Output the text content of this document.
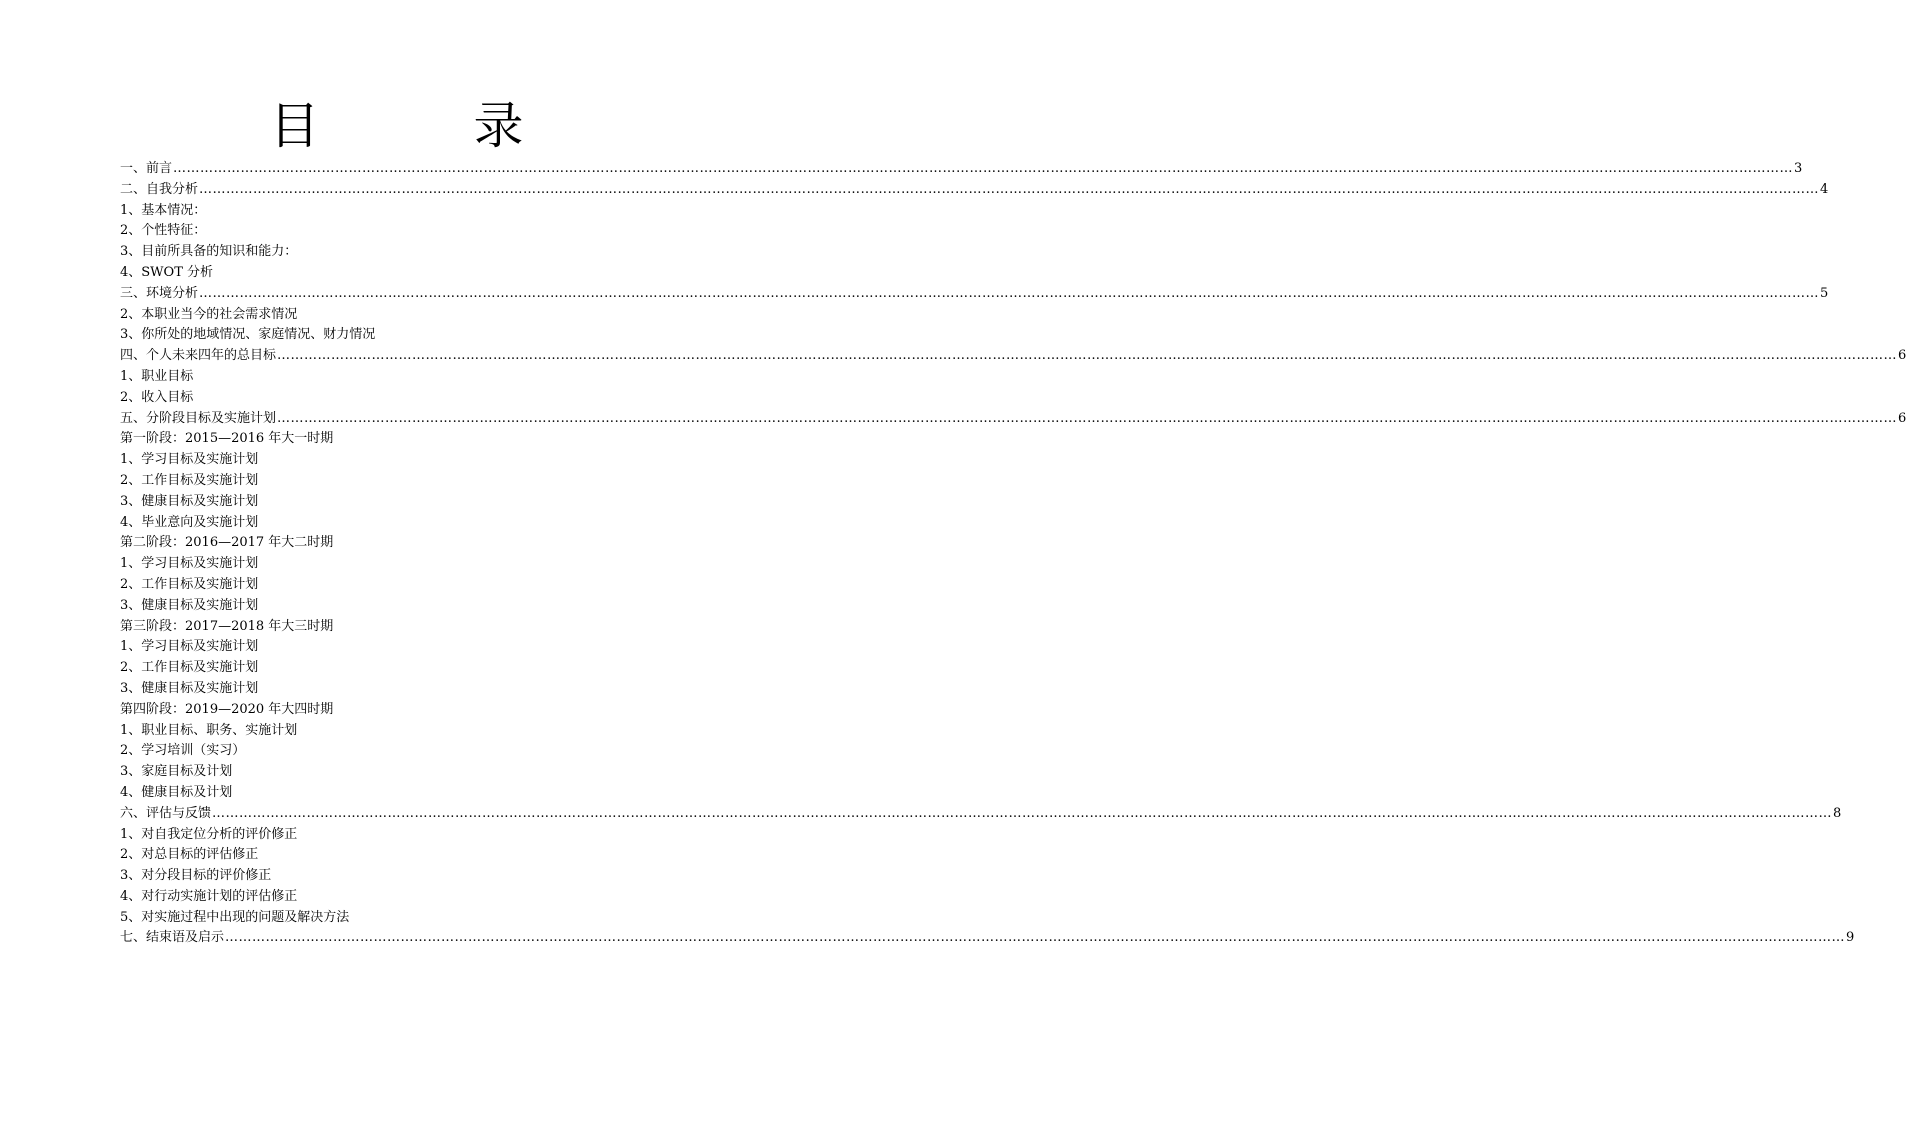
目　录
一、前言 ……………………………………………………………………………………………………………………………………………………………………………………………………………………………………………………………………………………………………………………………… 3
二、自我分析 ……………………………………………………………………………………………………………………………………………………………………………………………………………………………………………………………………………………………………………………………… 4
1、基本情况：
2、个性特征：
3、目前所具备的知识和能力：
4、SWOT 分析
三、环境分析 ……………………………………………………………………………………………………………………………………………………………………………………………………………………………………………………………………………………………………………………………… 5
2、本职业当今的社会需求情况
3、你所处的地域情况、家庭情况、财力情况
四、个人未来四年的总目标 ……………………………………………………………………………………………………………………………………………………………………………………………………………………………………………………………………………………………………………………………… 6
1、职业目标
2、收入目标
五、分阶段目标及实施计划 ……………………………………………………………………………………………………………………………………………………………………………………………………………………………………………………………………………………………………………………………… 6
第一阶段：2015—2016 年大一时期
1、学习目标及实施计划
2、工作目标及实施计划
3、健康目标及实施计划
4、毕业意向及实施计划
第二阶段：2016—2017 年大二时期
1、学习目标及实施计划
2、工作目标及实施计划
3、健康目标及实施计划
第三阶段：2017—2018 年大三时期
1、学习目标及实施计划
2、工作目标及实施计划
3、健康目标及实施计划
第四阶段：2019—2020 年大四时期
1、职业目标、职务、实施计划
2、学习培训（实习）
3、家庭目标及计划
4、健康目标及计划
六、评估与反馈 ……………………………………………………………………………………………………………………………………………………………………………………………………………………………………………………………………………………………………………………………… 8
1、对自我定位分析的评价修正
2、对总目标的评估修正
3、对分段目标的评价修正
4、对行动实施计划的评估修正
5、对实施过程中出现的问题及解决方法
七、结束语及启示 ……………………………………………………………………………………………………………………………………………………………………………………………………………………………………………………………………………………………………………………………… 9
